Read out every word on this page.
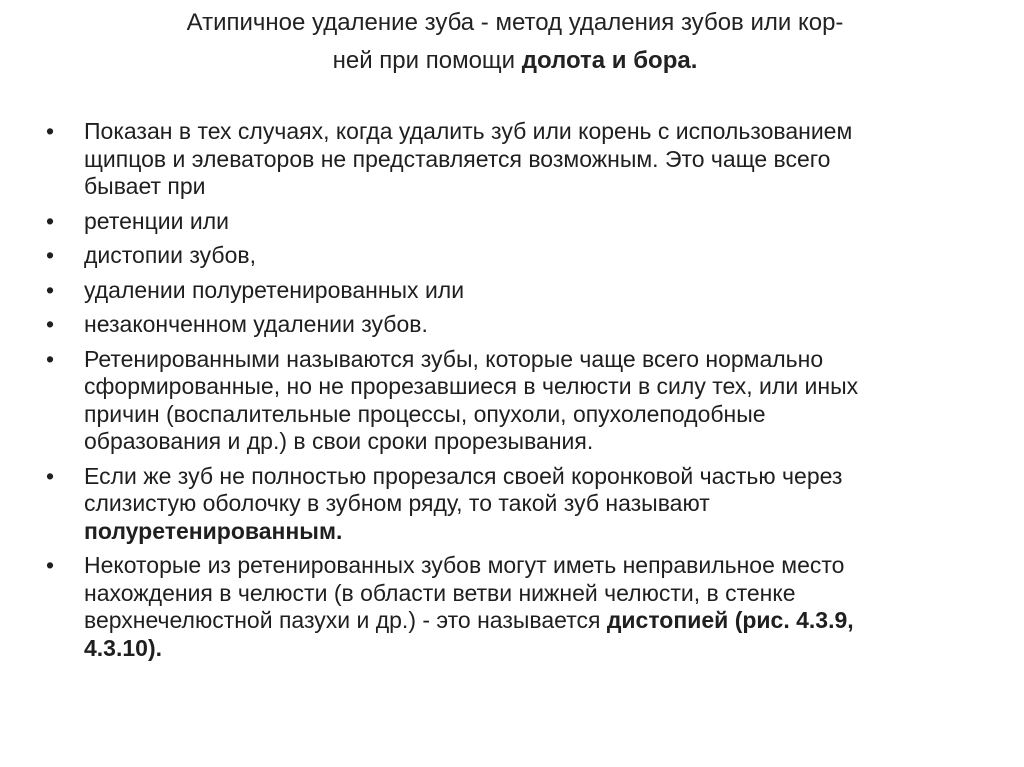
Атипичное удаление зуба - метод удаления зубов или кор-
ней при помощи долота и бора.
•	Показан в тех случаях, когда удалить зуб или корень с использованием
щипцов и элеваторов не представляется возможным. Это чаще всего
бывает при
•	ретенции или
•	дистопии зубов,
•	удалении полуретенированных или
•	незаконченном удалении зубов.
•	Ретенированными называются зубы, которые чаще всего нормально
сформированные, но не прорезавшиеся в челюсти в силу тех, или иных
причин (воспалительные процессы, опухоли, опухолеподобные
образования и др.) в свои сроки прорезывания.
•	Если же зуб не полностью прорезался своей коронковой частью через
слизистую оболочку в зубном ряду, то такой зуб называют
полуретенированным.
•	Некоторые из ретенированных зубов могут иметь неправильное место
нахождения в челюсти (в области ветви нижней челюсти, в стенке
верхнечелюстной пазухи и др.) - это называется дистопией (рис. 4.3.9,
4.3.10).
